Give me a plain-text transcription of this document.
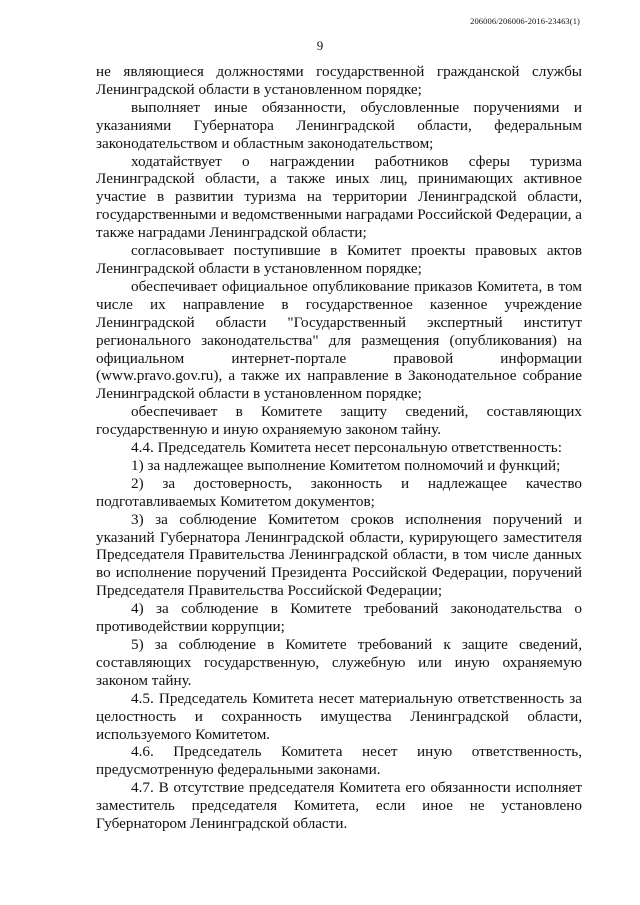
206006/206006-2016-23463(1)
9

не являющиеся должностями государственной гражданской службы Ленинградской области в установленном порядке;

выполняет иные обязанности, обусловленные поручениями и указаниями Губернатора Ленинградской области, федеральным законодательством и областным законодательством;

ходатайствует о награждении работников сферы туризма Ленинградской области, а также иных лиц, принимающих активное участие в развитии туризма на территории Ленинградской области, государственными и ведомственными наградами Российской Федерации, а также наградами Ленинградской области;

согласовывает поступившие в Комитет проекты правовых актов Ленинградской области в установленном порядке;

обеспечивает официальное опубликование приказов Комитета, в том числе их направление в государственное казенное учреждение Ленинградской области "Государственный экспертный институт регионального законодательства" для размещения (опубликования) на официальном интернет-портале правовой информации (www.pravo.gov.ru), а также их направление в Законодательное собрание Ленинградской области в установленном порядке;

обеспечивает в Комитете защиту сведений, составляющих государственную и иную охраняемую законом тайну.

4.4. Председатель Комитета несет персональную ответственность:

1) за надлежащее выполнение Комитетом полномочий и функций;

2) за достоверность, законность и надлежащее качество подготавливаемых Комитетом документов;

3) за соблюдение Комитетом сроков исполнения поручений и указаний Губернатора Ленинградской области, курирующего заместителя Председателя Правительства Ленинградской области, в том числе данных во исполнение поручений Президента Российской Федерации, поручений Председателя Правительства Российской Федерации;

4) за соблюдение в Комитете требований законодательства о противодействии коррупции;

5) за соблюдение в Комитете требований к защите сведений, составляющих государственную, служебную или иную охраняемую законом тайну.

4.5. Председатель Комитета несет материальную ответственность за целостность и сохранность имущества Ленинградской области, используемого Комитетом.

4.6. Председатель Комитета несет иную ответственность, предусмотренную федеральными законами.

4.7. В отсутствие председателя Комитета его обязанности исполняет заместитель председателя Комитета, если иное не установлено Губернатором Ленинградской области.
